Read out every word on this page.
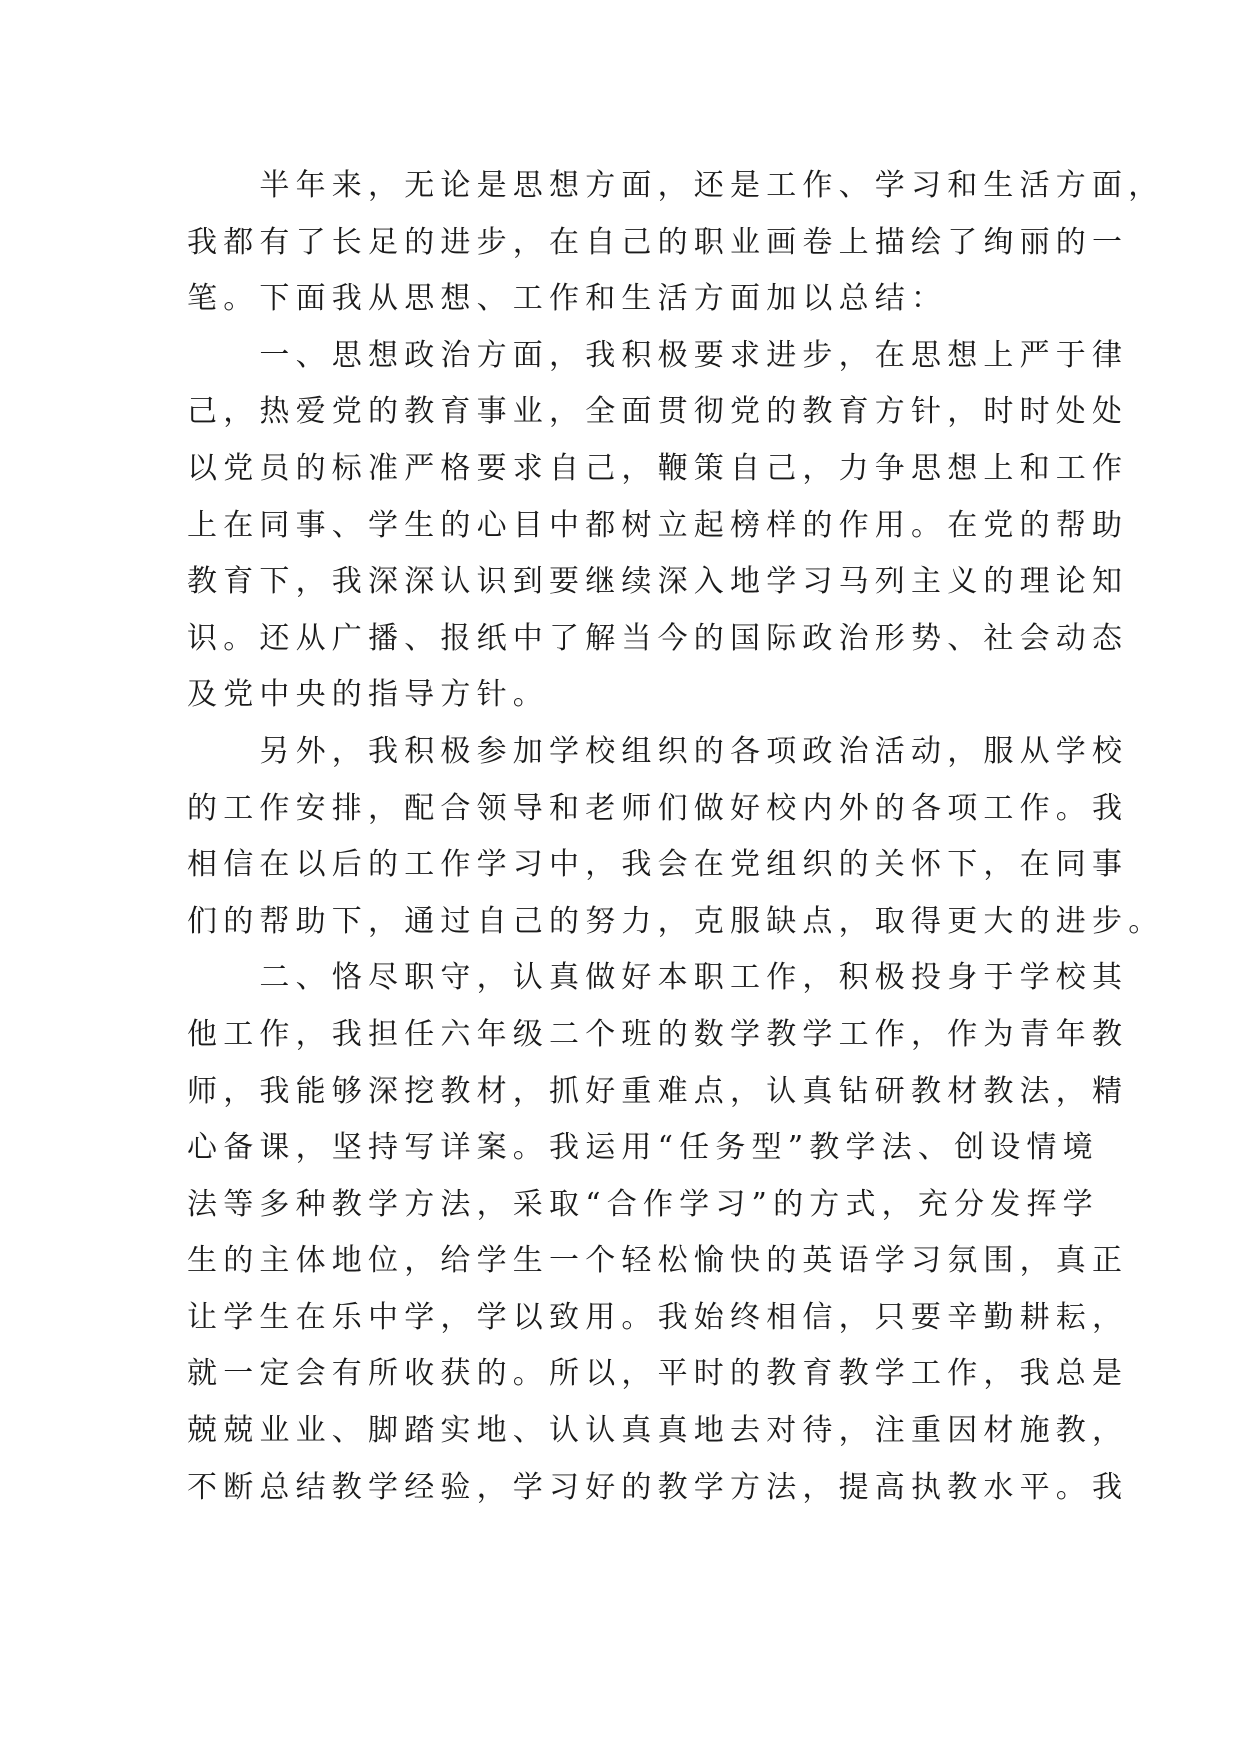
　　半年来，无论是思想方面，还是工作、学习和生活方面，
我都有了长足的进步，在自己的职业画卷上描绘了绚丽的一
笔。下面我从思想、工作和生活方面加以总结：
　　一、思想政治方面，我积极要求进步，在思想上严于律
己，热爱党的教育事业，全面贯彻党的教育方针，时时处处
以党员的标准严格要求自己，鞭策自己，力争思想上和工作
上在同事、学生的心目中都树立起榜样的作用。在党的帮助
教育下，我深深认识到要继续深入地学习马列主义的理论知
识。还从广播、报纸中了解当今的国际政治形势、社会动态
及党中央的指导方针。
　　另外，我积极参加学校组织的各项政治活动，服从学校
的工作安排，配合领导和老师们做好校内外的各项工作。我
相信在以后的工作学习中，我会在党组织的关怀下，在同事
们的帮助下，通过自己的努力，克服缺点，取得更大的进步。
　　二、恪尽职守，认真做好本职工作，积极投身于学校其
他工作，我担任六年级二个班的数学教学工作，作为青年教
师，我能够深挖教材，抓好重难点，认真钻研教材教法，精
心备课，坚持写详案。我运用“任务型”教学法、创设情境
法等多种教学方法，采取“合作学习”的方式，充分发挥学
生的主体地位，给学生一个轻松愉快的英语学习氛围，真正
让学生在乐中学，学以致用。我始终相信，只要辛勤耕耘，
就一定会有所收获的。所以，平时的教育教学工作，我总是
兢兢业业、脚踏实地、认认真真地去对待，注重因材施教，
不断总结教学经验，学习好的教学方法，提高执教水平。我
